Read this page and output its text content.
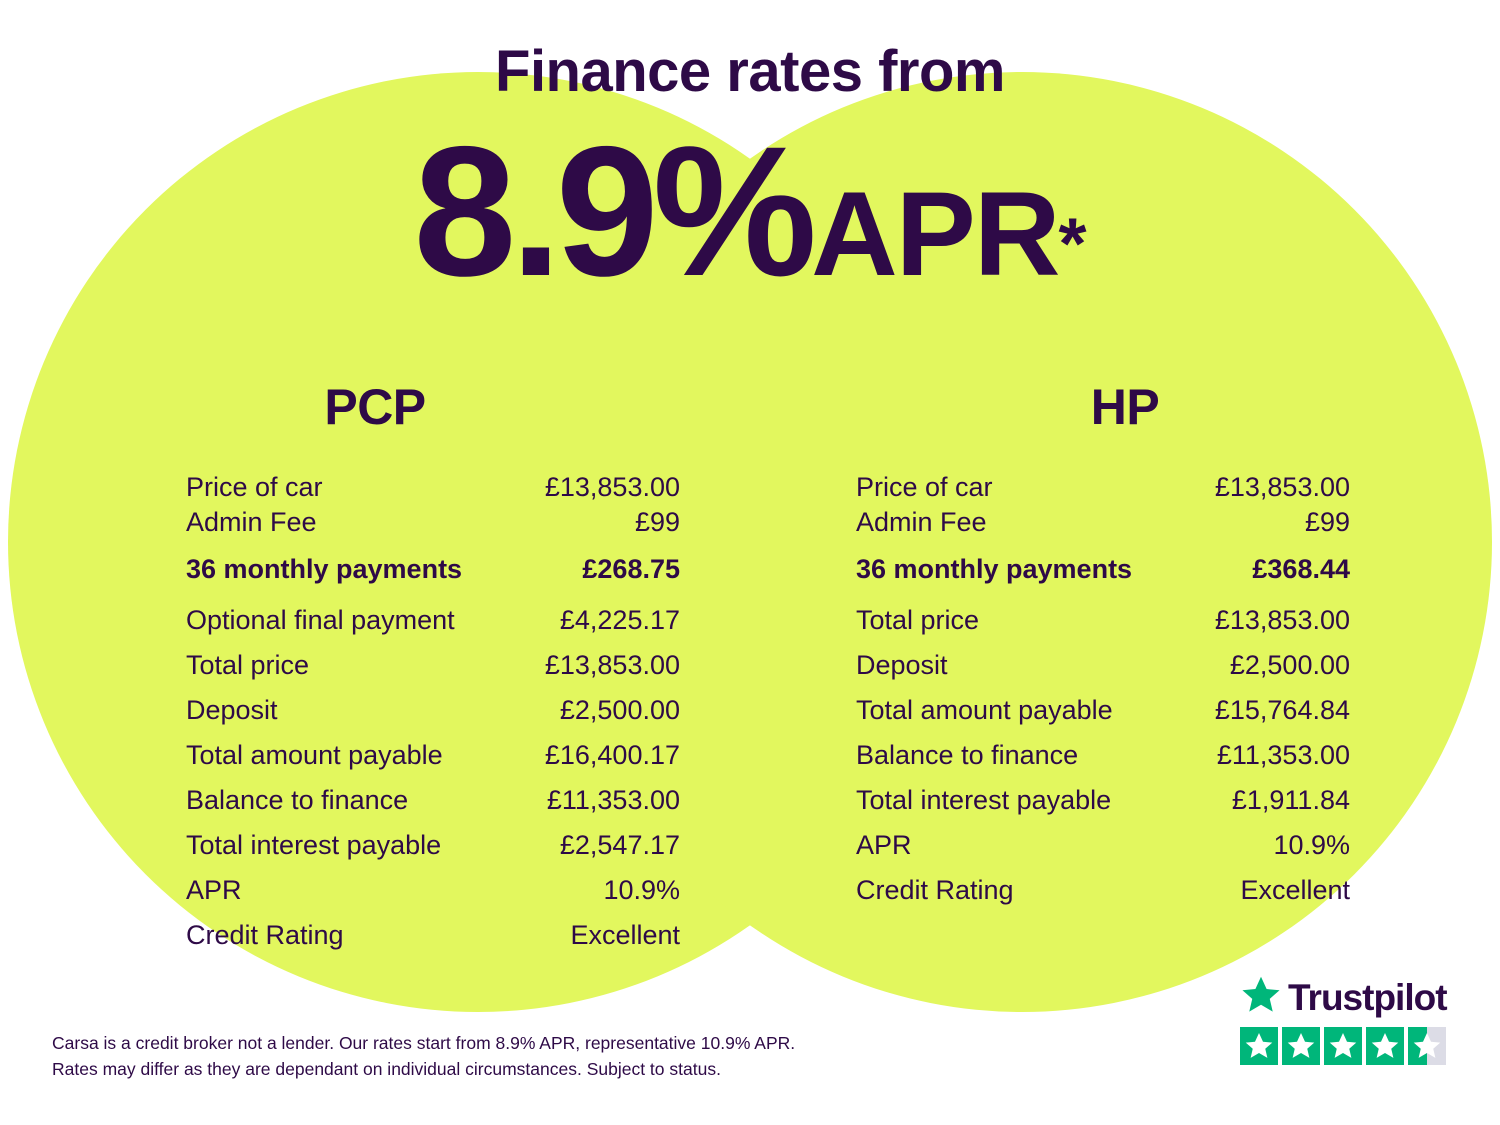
Finance rates from
8.9%APR*
PCP
Price of car	£13,853.00
Admin Fee	£99
36 monthly payments	£268.75
Optional final payment	£4,225.17
Total price	£13,853.00
Deposit	£2,500.00
Total amount payable	£16,400.17
Balance to finance	£11,353.00
Total interest payable	£2,547.17
APR	10.9%
Credit Rating	Excellent
HP
Price of car	£13,853.00
Admin Fee	£99
36 monthly payments	£368.44
Total price	£13,853.00
Deposit	£2,500.00
Total amount payable	£15,764.84
Balance to finance	£11,353.00
Total interest payable	£1,911.84
APR	10.9%
Credit Rating	Excellent
Carsa is a credit broker not a lender. Our rates start from 8.9% APR, representative 10.9% APR.
Rates may differ as they are dependant on individual circumstances. Subject to status.
Trustpilot
